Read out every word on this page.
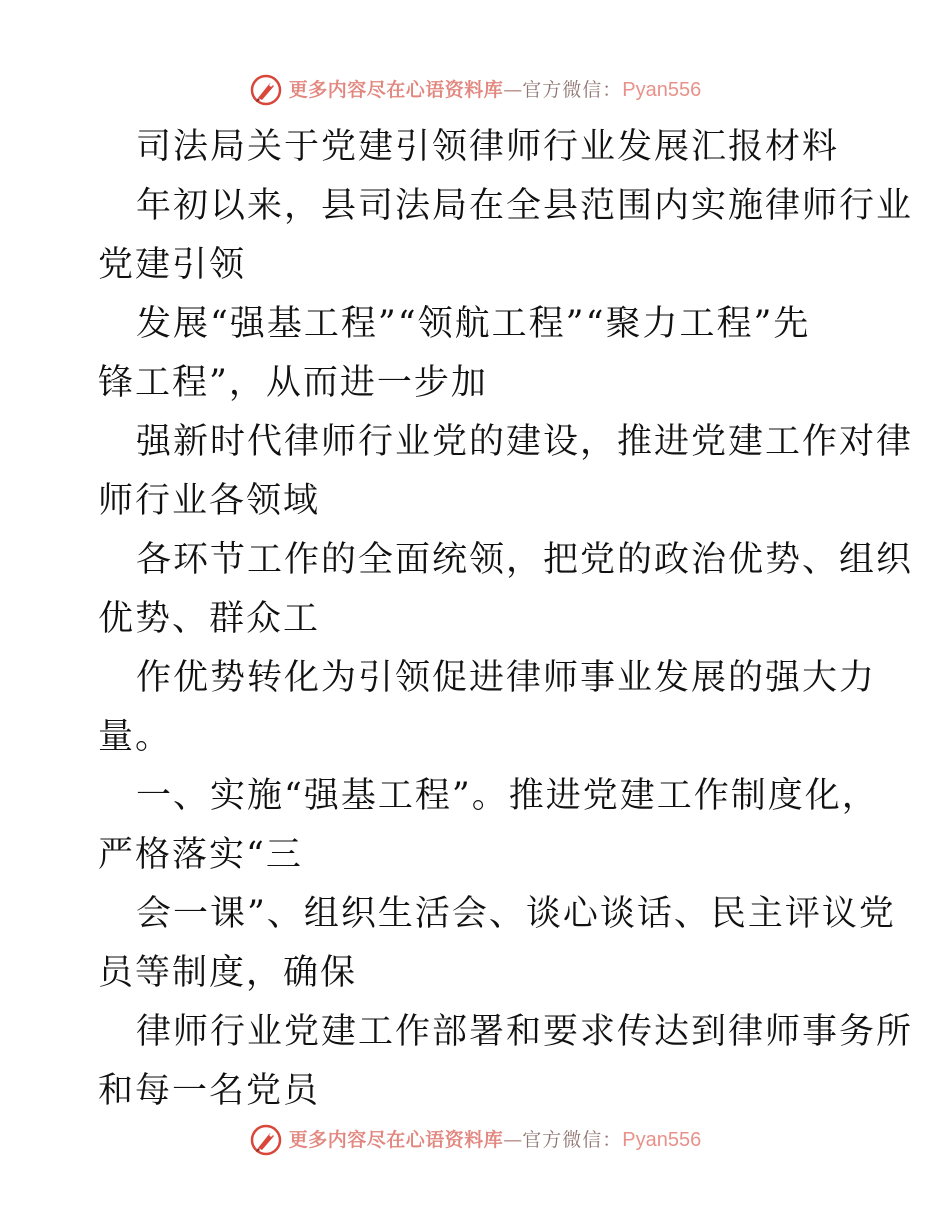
更多内容尽在心语资料库 — 官方微信： Pyan556
司法局关于党建引领律师行业发展汇报材料
年初以来，县司法局在全县范围内实施律师行业
党建引领
发展“强基工程”“领航工程”“聚力工程”先
锋工程”，从而进一步加
强新时代律师行业党的建设，推进党建工作对律
师行业各领域
各环节工作的全面统领，把党的政治优势、组织
优势、群众工
作优势转化为引领促进律师事业发展的强大力
量。
一、实施“强基工程”。推进党建工作制度化，
严格落实“三
会一课”、组织生活会、谈心谈话、民主评议党
员等制度，确保
律师行业党建工作部署和要求传达到律师事务所
和每一名党员
更多内容尽在心语资料库 — 官方微信： Pyan556
